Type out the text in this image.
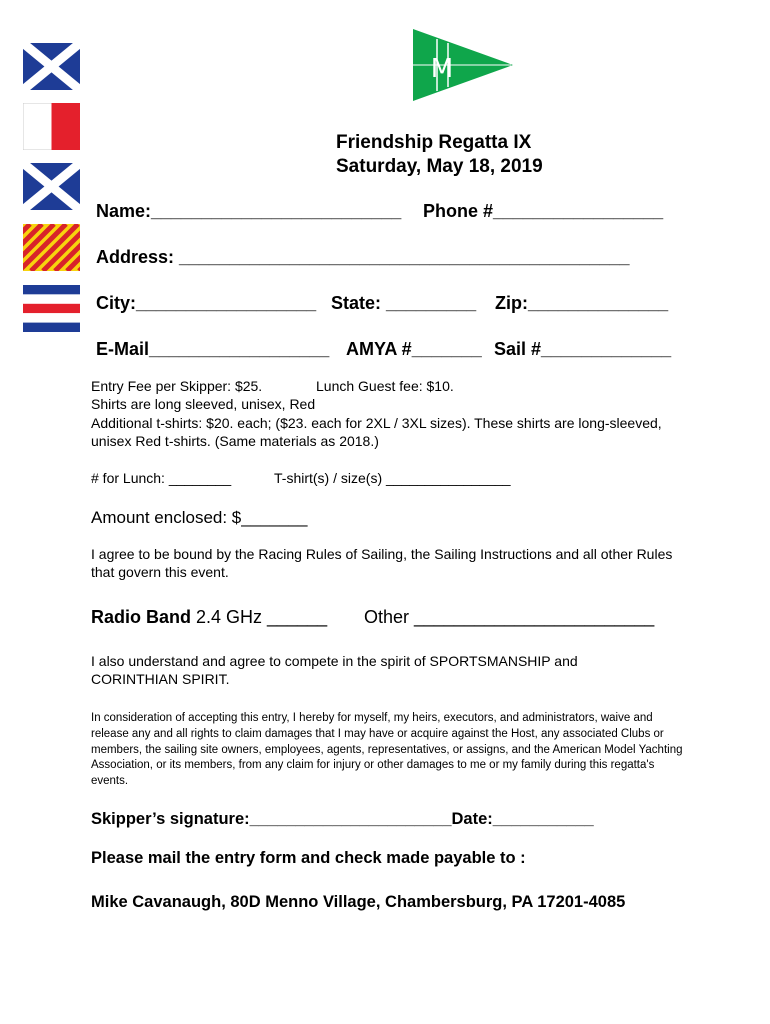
M
Friendship Regatta IX
Saturday, May 18, 2019
Name:_________________________ Phone #_________________
Address: _____________________________________________
City:__________________ State: _________ Zip:______________
E-Mail__________________ AMYA #_______ Sail #_____________
Entry Fee per Skipper: $25.	Lunch Guest fee: $10.
Shirts are long sleeved, unisex, Red
Additional t-shirts: $20. each; ($23. each for 2XL / 3XL sizes). These shirts are long-sleeved, unisex Red t-shirts. (Same materials as 2018.)
# for Lunch: ________	T-shirt(s) / size(s) ________________
Amount enclosed: $_______
I agree to be bound by the Racing Rules of Sailing, the Sailing Instructions and all other Rules that govern this event.
Radio Band 2.4 GHz ______ Other ________________________
I also understand and agree to compete in the spirit of SPORTSMANSHIP and CORINTHIAN SPIRIT.
In consideration of accepting this entry, I hereby for myself, my heirs, executors, and administrators, waive and release any and all rights to claim damages that I may have or acquire against the Host, any associated Clubs or members, the sailing site owners, employees, agents, representatives, or assigns, and the American Model Yachting Association, or its members, from any claim for injury or other damages to me or my family during this regatta's events.
Skipper’s signature:______________________Date:___________
Please mail the entry form and check made payable to :
Mike Cavanaugh, 80D Menno Village, Chambersburg, PA 17201-4085
